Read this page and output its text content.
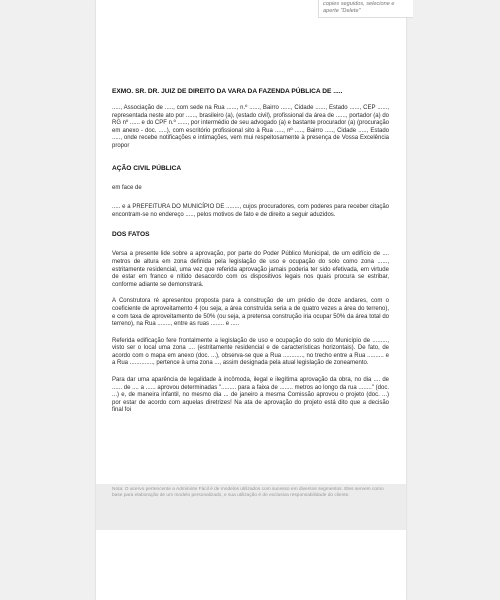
copies seguidos, selecione e aperte "Delete"
EXMO. SR. DR. JUIZ DE DIREITO DA VARA DA FAZENDA PÚBLICA DE .....

....., Associação de ....., com sede na Rua ......, n.º ......, Bairro ......, Cidade ......, Estado ......, CEP ......, representada neste ato por ......, brasileiro (a), (estado civil), profissional da área de ......, portador (a) do RG nº ...... e do CPF n.º ......, por intermédio de seu advogado (a) e bastante procurador (a) (procuração em anexo - doc. .....), com escritório profissional sito à Rua ....., nº ....., Bairro ....., Cidade ....., Estado ....., onde recebe notificações e intimações, vem mui respeitosamente à presença de Vossa Excelência propor

AÇÃO CIVIL PÚBLICA

em face de

..... e a PREFEITURA DO MUNICÍPIO DE ........, cujos procuradores, com poderes para receber citação encontram-se no endereço ....., pelos motivos de fato e de direito a seguir aduzidos.

DOS FATOS

Versa a presente lide sobre a aprovação, por parte do Poder Público Municipal, de um edifício de .... metros de altura em zona definida pela legislação de uso e ocupação do solo como zona ......, estritamente residencial, uma vez que referida aprovação jamais poderia ter sido efetivada, em virtude de estar em franco e nítido desacordo com os dispositivos legais nos quais procura se estribar, conforme adiante se demonstrará.

A Construtora ré apresentou proposta para a construção de um prédio de doze andares, com o coeficiente de aproveitamento 4 (ou seja, a área construída seria a de quatro vezes a área do terreno), e com taxa de aproveitamento de 50% (ou seja, a pretensa construção iria ocupar 50% da área total do terreno), na Rua ........, entre as ruas ........ e .....

Referida edificação fere frontalmente a legislação de uso e ocupação do solo do Município de ........., visto ser o local uma zona .... (estritamente residencial e de características horizontais). De fato, de acordo com o mapa em anexo (doc. ...), observa-se que a Rua ............, no trecho entre a Rua .......... e a Rua .............., pertence à uma zona ..., assim designada pela atual legislação de zoneamento.

Para dar uma aparência de legalidade à incômoda, ilegal e ilegítima aprovação da obra, no dia .... de ...... de .... a ...... aprovou determinadas "......... para a faixa de ........ metros ao longo da rua ........" (doc. ...) e, de maneira infantil, no mesmo dia ... de janeiro a mesma Comissão aprovou o projeto (doc. ...) por estar de acordo com aquelas diretrizes! Na ata de aprovação do projeto está dito que a decisão final foi

Nota: O acervo pertencente a Admininte Fácil é de modelos utilizados com sucesso em diversos segmentos. Eles servem como base para elaboração de um modelo personalizado, e sua utilização é de exclusiva responsabilidade do cliente.
